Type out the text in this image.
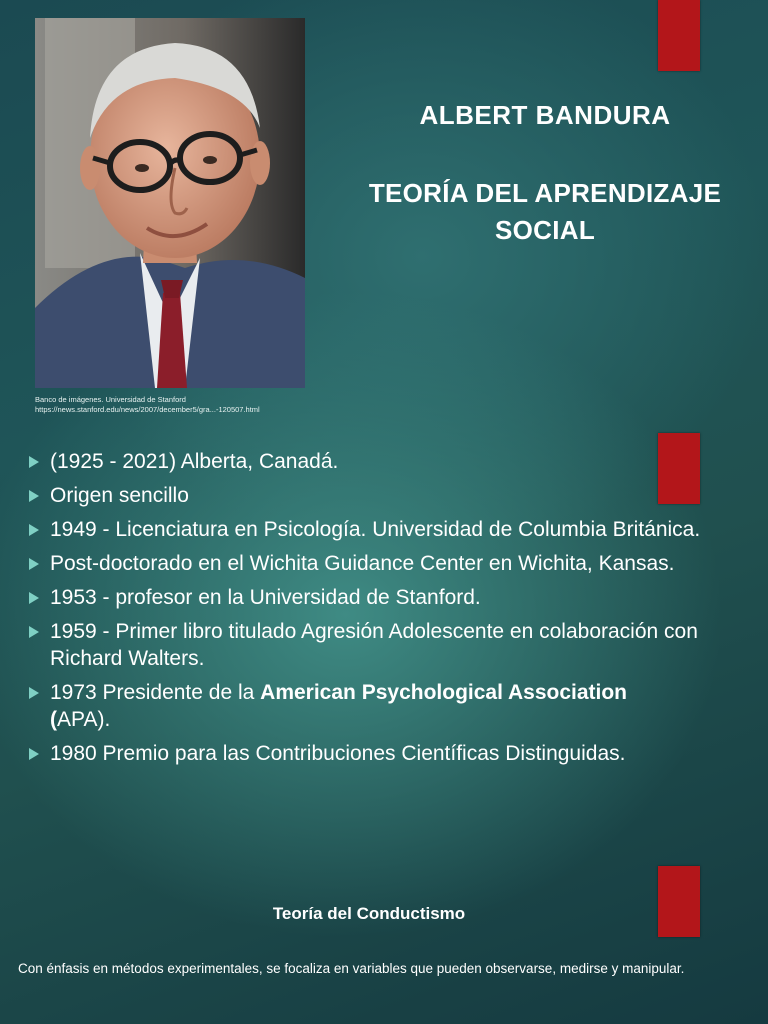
Banco de imágenes. Universidad de Stanford
https://news.stanford.edu/news/2007/december5/gra...-120507.html
ALBERT BANDURA
TEORÍA DEL APRENDIZAJE
SOCIAL
(1925 - 2021) Alberta, Canadá.
Origen sencillo
1949 - Licenciatura en Psicología. Universidad de Columbia Británica.
Post-doctorado en el Wichita Guidance Center en Wichita, Kansas.
1953 - profesor en la Universidad de Stanford.
1959 - Primer libro titulado Agresión Adolescente en colaboración con Richard Walters.
1973 Presidente de la American Psychological Association
(APA).
1980 Premio para las Contribuciones Científicas Distinguidas.
Teoría del Conductismo
Con énfasis en métodos experimentales, se focaliza en variables que pueden observarse, medirse y manipular.
